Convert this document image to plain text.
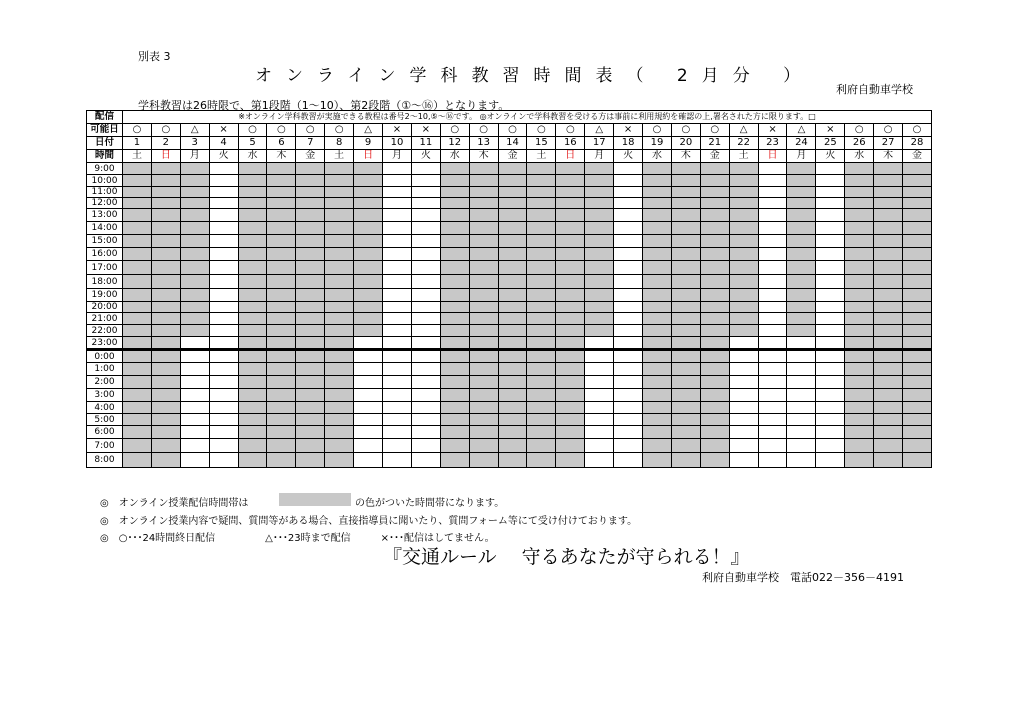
別表 3
オンライン学科教習時間表（ 2月分 ）
利府自動車学校
学科教習は26時限で、第1段階（1～10）、第2段階（①～⑯）となります。
配信	※オンライン学科教習が実施できる教程は番号2～10,⑤～⑯です。 ◎オンラインで学科教習を受ける方は事前に利用規約を確認の上,署名された方に限ります。□																											
可能日	○	○	△	×	○	○	○	○	△	×	×	○	○	○	○	○	△	×	○	○	○	△	×	△	×	○	○	○
日付	1	2	3	4	5	6	7	8	9	10	11	12	13	14	15	16	17	18	19	20	21	22	23	24	25	26	27	28
時間	土	日	月	火	水	木	金	土	日	月	火	水	木	金	土	日	月	火	水	木	金	土	日	月	火	水	木	金
9:00																												
10:00																												
11:00																												
12:00																												
13:00																												
14:00																												
15:00																												
16:00																												
17:00																												
18:00																												
19:00																												
20:00																												
21:00																												
22:00																												
23:00																												
0:00																												
1:00																												
2:00																												
3:00																												
4:00																												
5:00																												
6:00																												
7:00																												
8:00																												
◎　オンライン授業配信時間帯は	の色がついた時間帯になります。
◎　オンライン授業内容で疑問、質問等がある場合、直接指導員に聞いたり、質問フォーム等にて受け付けております。
◎　○･･･24時間終日配信　　　　　△･･･23時まで配信　　　×･･･配信はしてません。
『交通ルール　 守るあなたが守られる！』
利府自動車学校　電話022－356－4191
